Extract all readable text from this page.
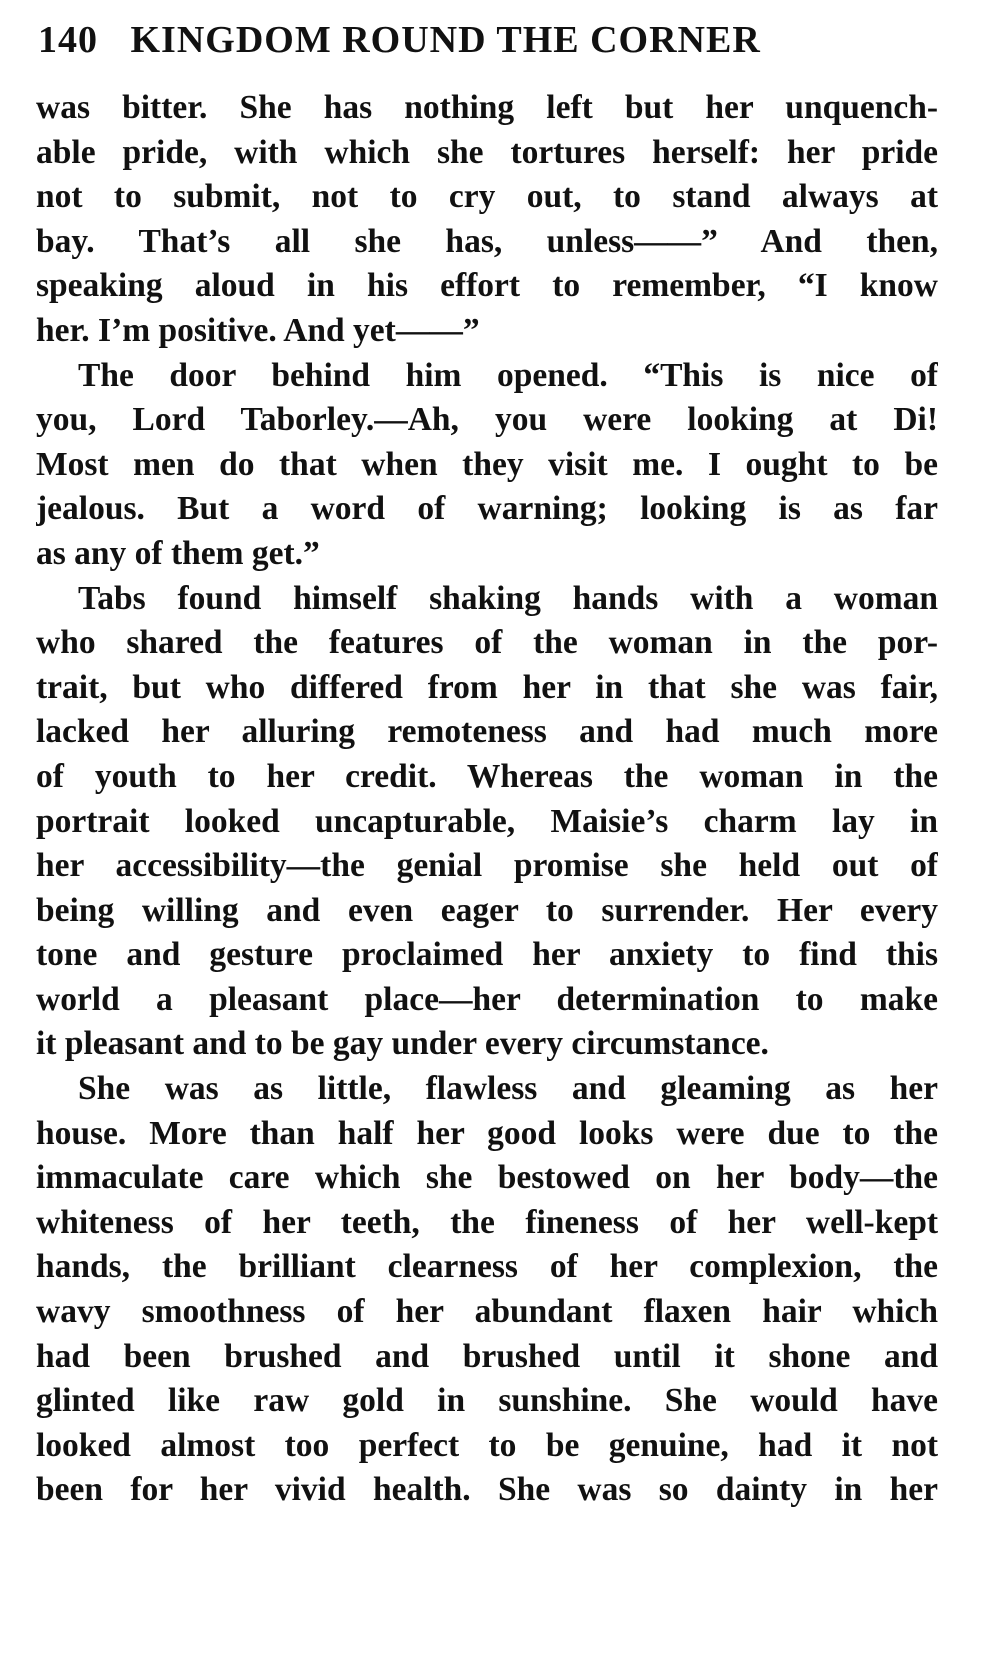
140 KINGDOM ROUND THE CORNER
was bitter. She has nothing left but her unquench-
able pride, with which she tortures herself: her pride
not to submit, not to cry out, to stand always at
bay. That’s all she has, unless——” And then,
speaking aloud in his effort to remember, “I know
her. I’m positive. And yet——”
The door behind him opened. “This is nice of
you, Lord Taborley.—Ah, you were looking at Di!
Most men do that when they visit me. I ought to be
jealous. But a word of warning; looking is as far
as any of them get.”
Tabs found himself shaking hands with a woman
who shared the features of the woman in the por-
trait, but who differed from her in that she was fair,
lacked her alluring remoteness and had much more
of youth to her credit. Whereas the woman in the
portrait looked uncapturable, Maisie’s charm lay in
her accessibility—the genial promise she held out of
being willing and even eager to surrender. Her every
tone and gesture proclaimed her anxiety to find this
world a pleasant place—her determination to make
it pleasant and to be gay under every circumstance.
She was as little, flawless and gleaming as her
house. More than half her good looks were due to the
immaculate care which she bestowed on her body—the
whiteness of her teeth, the fineness of her well-kept
hands, the brilliant clearness of her complexion, the
wavy smoothness of her abundant flaxen hair which
had been brushed and brushed until it shone and
glinted like raw gold in sunshine. She would have
looked almost too perfect to be genuine, had it not
been for her vivid health. She was so dainty in her
